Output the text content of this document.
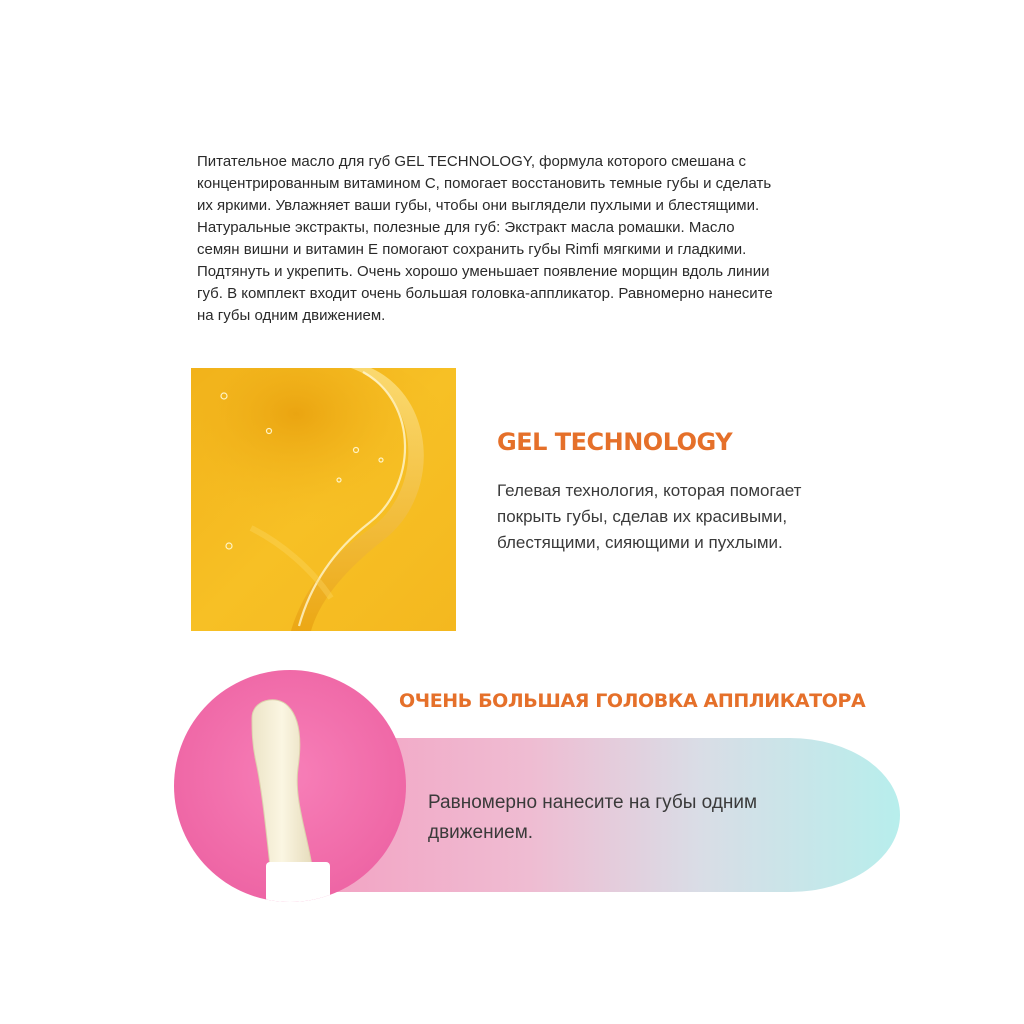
Питательное масло для губ GEL TECHNOLOGY, формула которого смешана с
концентрированным витамином C, помогает восстановить темные губы и сделать
их яркими. Увлажняет ваши губы, чтобы они выглядели пухлыми и блестящими.
Натуральные экстракты, полезные для губ: Экстракт масла ромашки. Масло
семян вишни и витамин E помогают сохранить губы Rimfi мягкими и гладкими.
Подтянуть и укрепить. Очень хорошо уменьшает появление морщин вдоль линии
губ. В комплект входит очень большая головка-аппликатор. Равномерно нанесите
на губы одним движением.

GEL TECHNOLOGY

Гелевая технология, которая помогает
покрыть губы, сделав их красивыми,
блестящими, сияющими и пухлыми.

ОЧЕНЬ БОЛЬШАЯ ГОЛОВКА АППЛИКАТОРА

Равномерно нанесите на губы одним
движением.
